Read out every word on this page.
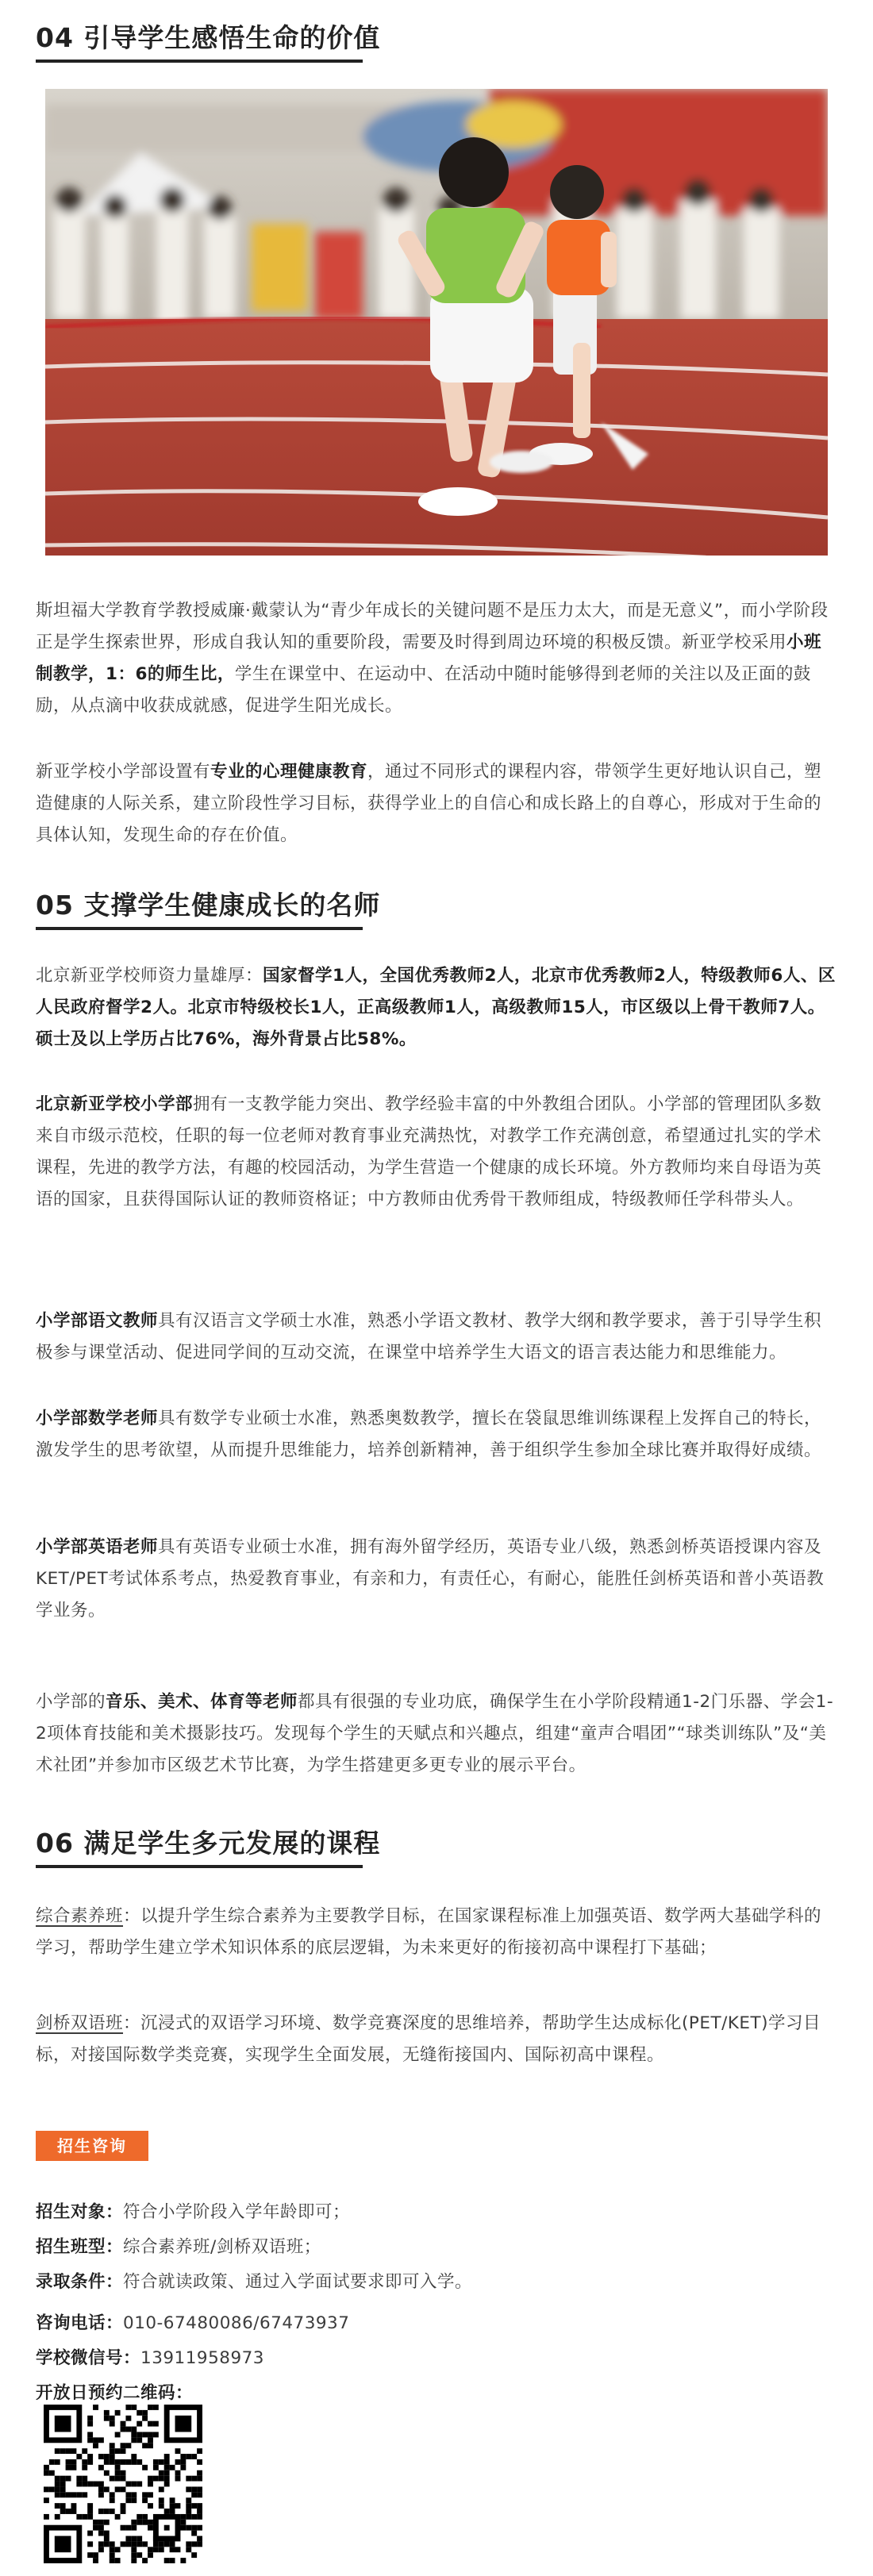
04 引导学生感悟生命的价值
斯坦福大学教育学教授威廉·戴蒙认为“青少年成长的关键问题不是压力太大，而是无意义”，而小学阶段正是学生探索世界，形成自我认知的重要阶段，需要及时得到周边环境的积极反馈。新亚学校采用小班制教学，1：6的师生比，学生在课堂中、在运动中、在活动中随时能够得到老师的关注以及正面的鼓励，从点滴中收获成就感，促进学生阳光成长。
新亚学校小学部设置有专业的心理健康教育，通过不同形式的课程内容，带领学生更好地认识自己，塑造健康的人际关系，建立阶段性学习目标，获得学业上的自信心和成长路上的自尊心，形成对于生命的具体认知，发现生命的存在价值。
05 支撑学生健康成长的名师
北京新亚学校师资力量雄厚：国家督学1人，全国优秀教师2人，北京市优秀教师2人，特级教师6人、区人民政府督学2人。北京市特级校长1人，正高级教师1人，高级教师15人，市区级以上骨干教师7人。硕士及以上学历占比76%，海外背景占比58%。
北京新亚学校小学部拥有一支教学能力突出、教学经验丰富的中外教组合团队。小学部的管理团队多数来自市级示范校，任职的每一位老师对教育事业充满热忱，对教学工作充满创意，希望通过扎实的学术课程，先进的教学方法，有趣的校园活动，为学生营造一个健康的成长环境。外方教师均来自母语为英语的国家，且获得国际认证的教师资格证；中方教师由优秀骨干教师组成，特级教师任学科带头人。
小学部语文教师具有汉语言文学硕士水准，熟悉小学语文教材、教学大纲和教学要求，善于引导学生积极参与课堂活动、促进同学间的互动交流，在课堂中培养学生大语文的语言表达能力和思维能力。
小学部数学老师具有数学专业硕士水准，熟悉奥数教学，擅长在袋鼠思维训练课程上发挥自己的特长，激发学生的思考欲望，从而提升思维能力，培养创新精神，善于组织学生参加全球比赛并取得好成绩。
小学部英语老师具有英语专业硕士水准，拥有海外留学经历，英语专业八级，熟悉剑桥英语授课内容及KET/PET考试体系考点，热爱教育事业，有亲和力，有责任心，有耐心，能胜任剑桥英语和普小英语教学业务。
小学部的音乐、美术、体育等老师都具有很强的专业功底，确保学生在小学阶段精通1-2门乐器、学会1-2项体育技能和美术摄影技巧。发现每个学生的天赋点和兴趣点，组建“童声合唱团”“球类训练队”及“美术社团”并参加市区级艺术节比赛，为学生搭建更多更专业的展示平台。
06 满足学生多元发展的课程
综合素养班：以提升学生综合素养为主要教学目标，在国家课程标准上加强英语、数学两大基础学科的学习，帮助学生建立学术知识体系的底层逻辑，为未来更好的衔接初高中课程打下基础；
剑桥双语班：沉浸式的双语学习环境、数学竞赛深度的思维培养，帮助学生达成标化(PET/KET)学习目标，对接国际数学类竞赛，实现学生全面发展，无缝衔接国内、国际初高中课程。
招生咨询
招生对象：符合小学阶段入学年龄即可；
招生班型：综合素养班/剑桥双语班；
录取条件：符合就读政策、通过入学面试要求即可入学。
咨询电话：010-67480086/67473937
学校微信号：13911958973
开放日预约二维码：
